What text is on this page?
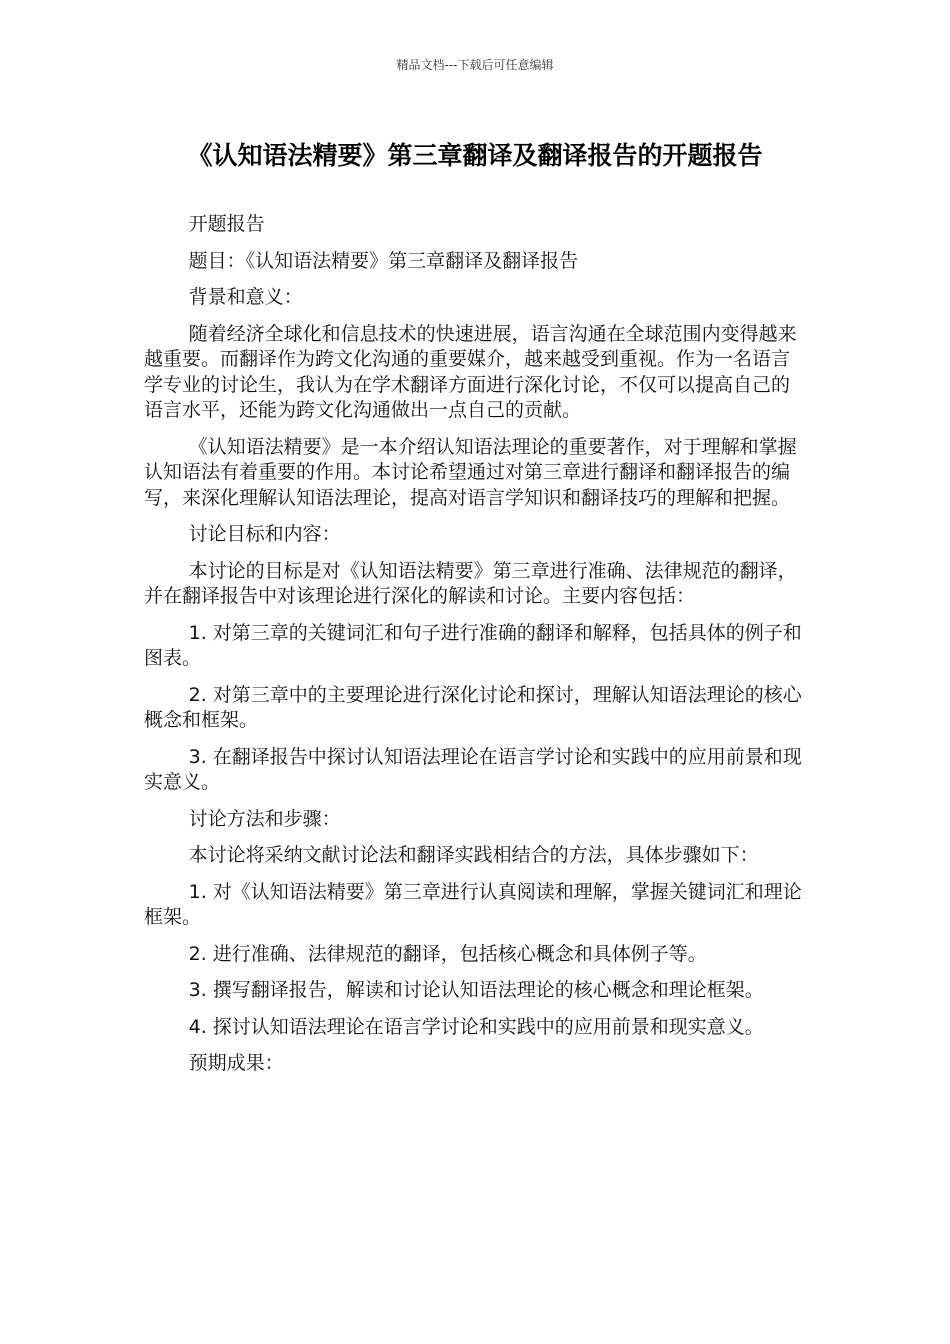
精品文档---下载后可任意编辑
《认知语法精要》第三章翻译及翻译报告的开题报告

开题报告

题目：《认知语法精要》第三章翻译及翻译报告

背景和意义：

随着经济全球化和信息技术的快速进展，语言沟通在全球范围内变得越来越重要。而翻译作为跨文化沟通的重要媒介，越来越受到重视。作为一名语言学专业的讨论生，我认为在学术翻译方面进行深化讨论，不仅可以提高自己的语言水平，还能为跨文化沟通做出一点自己的贡献。

《认知语法精要》是一本介绍认知语法理论的重要著作，对于理解和掌握认知语法有着重要的作用。本讨论希望通过对第三章进行翻译和翻译报告的编写，来深化理解认知语法理论，提高对语言学知识和翻译技巧的理解和把握。

讨论目标和内容：

本讨论的目标是对《认知语法精要》第三章进行准确、法律规范的翻译，并在翻译报告中对该理论进行深化的解读和讨论。主要内容包括：

1. 对第三章的关键词汇和句子进行准确的翻译和解释，包括具体的例子和图表。

2. 对第三章中的主要理论进行深化讨论和探讨，理解认知语法理论的核心概念和框架。

3. 在翻译报告中探讨认知语法理论在语言学讨论和实践中的应用前景和现实意义。

讨论方法和步骤：

本讨论将采纳文献讨论法和翻译实践相结合的方法，具体步骤如下：

1. 对《认知语法精要》第三章进行认真阅读和理解，掌握关键词汇和理论框架。

2. 进行准确、法律规范的翻译，包括核心概念和具体例子等。

3. 撰写翻译报告，解读和讨论认知语法理论的核心概念和理论框架。

4. 探讨认知语法理论在语言学讨论和实践中的应用前景和现实意义。

预期成果：
